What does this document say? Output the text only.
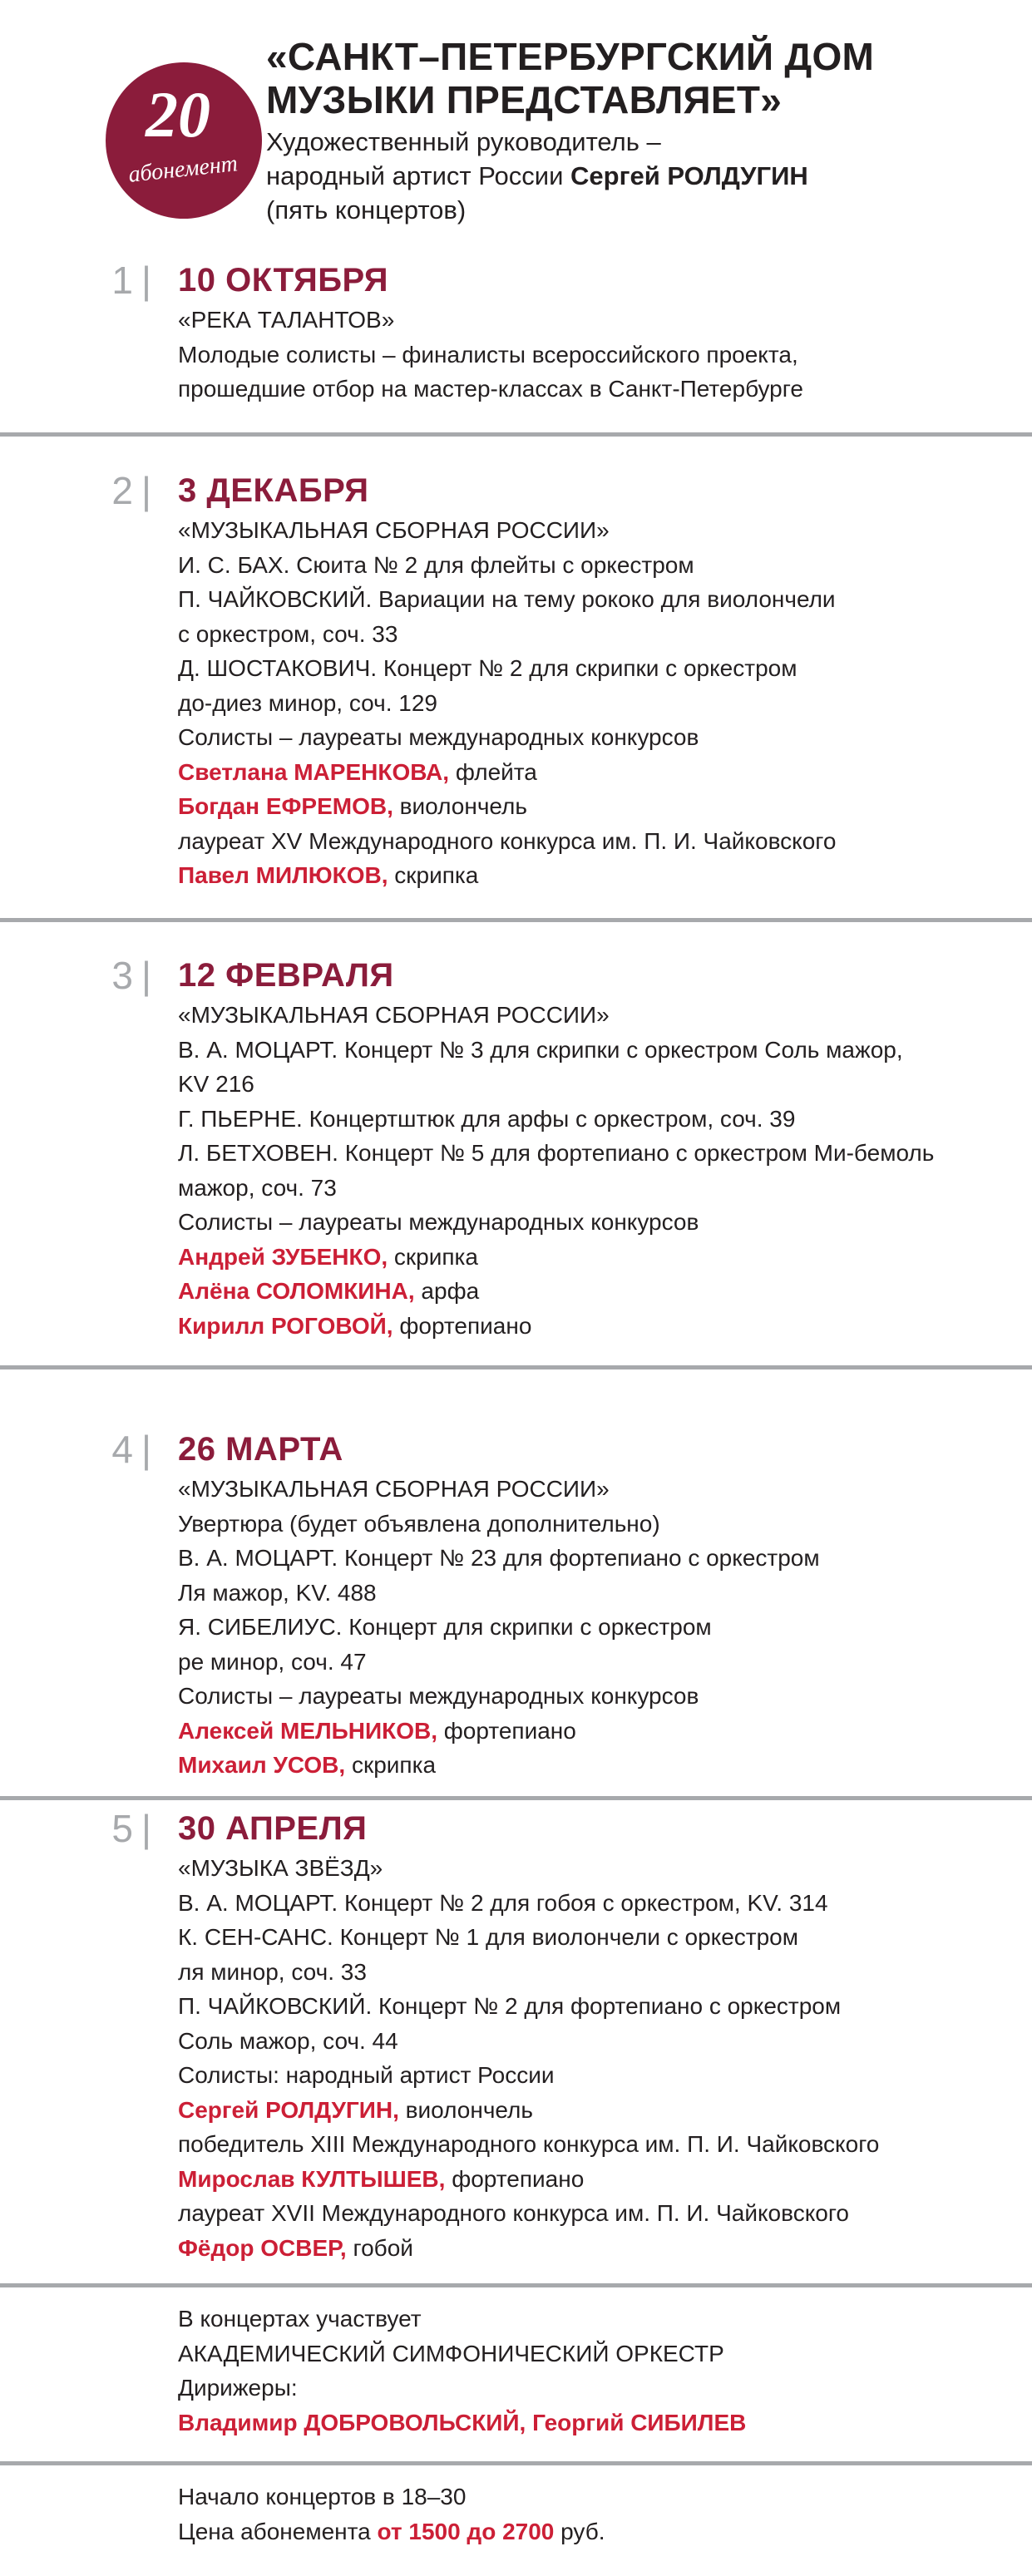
20
абонемент
«САНКТ–ПЕТЕРБУРГСКИЙ ДОМ
МУЗЫКИ ПРЕДСТАВЛЯЕТ»
Художественный руководитель –
народный артист России Сергей РОЛДУГИН
(пять концертов)
1 | 10 ОКТЯБРЯ
«РЕКА ТАЛАНТОВ»
Молодые солисты – финалисты всероссийского проекта,
прошедшие отбор на мастер-классах в Санкт-Петербурге
2 | 3 ДЕКАБРЯ
«МУЗЫКАЛЬНАЯ СБОРНАЯ РОССИИ»
И. С. БАХ. Сюита № 2 для флейты с оркестром
П. ЧАЙКОВСКИЙ. Вариации на тему рококо для виолончели
с оркестром, соч. 33
Д. ШОСТАКОВИЧ. Концерт № 2 для скрипки с оркестром
до-диез минор, соч. 129
Солисты – лауреаты международных конкурсов
Светлана МАРЕНКОВА, флейта
Богдан ЕФРЕМОВ, виолончель
лауреат XV Международного конкурса им. П. И. Чайковского
Павел МИЛЮКОВ, скрипка
3 | 12 ФЕВРАЛЯ
«МУЗЫКАЛЬНАЯ СБОРНАЯ РОССИИ»
В. А. МОЦАРТ. Концерт № 3 для скрипки с оркестром Соль мажор,
KV 216
Г. ПЬЕРНЕ. Концертштюк для арфы с оркестром, соч. 39
Л. БЕТХОВЕН. Концерт № 5 для фортепиано с оркестром Ми-бемоль
мажор, соч. 73
Солисты – лауреаты международных конкурсов
Андрей ЗУБЕНКО, скрипка
Алёна СОЛОМКИНА, арфа
Кирилл РОГОВОЙ, фортепиано
4 | 26 МАРТА
«МУЗЫКАЛЬНАЯ СБОРНАЯ РОССИИ»
Увертюра (будет объявлена дополнительно)
В. А. МОЦАРТ. Концерт № 23 для фортепиано с оркестром
Ля мажор, KV. 488
Я. СИБЕЛИУС. Концерт для скрипки с оркестром
ре минор, соч. 47
Солисты – лауреаты международных конкурсов
Алексей МЕЛЬНИКОВ, фортепиано
Михаил УСОВ, скрипка
5 | 30 АПРЕЛЯ
«МУЗЫКА ЗВЁЗД»
В. А. МОЦАРТ. Концерт № 2 для гобоя с оркестром, KV. 314
К. СЕН-САНС. Концерт № 1 для виолончели с оркестром
ля минор, соч. 33
П. ЧАЙКОВСКИЙ. Концерт № 2 для фортепиано с оркестром
Соль мажор, соч. 44
Солисты: народный артист России
Сергей РОЛДУГИН, виолончель
победитель XIII Международного конкурса им. П. И. Чайковского
Мирослав КУЛТЫШЕВ, фортепиано
лауреат XVII Международного конкурса им. П. И. Чайковского
Фёдор ОСВЕР, гобой
В концертах участвует
АКАДЕМИЧЕСКИЙ СИМФОНИЧЕСКИЙ ОРКЕСТР
Дирижеры:
Владимир ДОБРОВОЛЬСКИЙ, Георгий СИБИЛЕВ
Начало концертов в 18–30
Цена абонемента от 1500 до 2700 руб.
